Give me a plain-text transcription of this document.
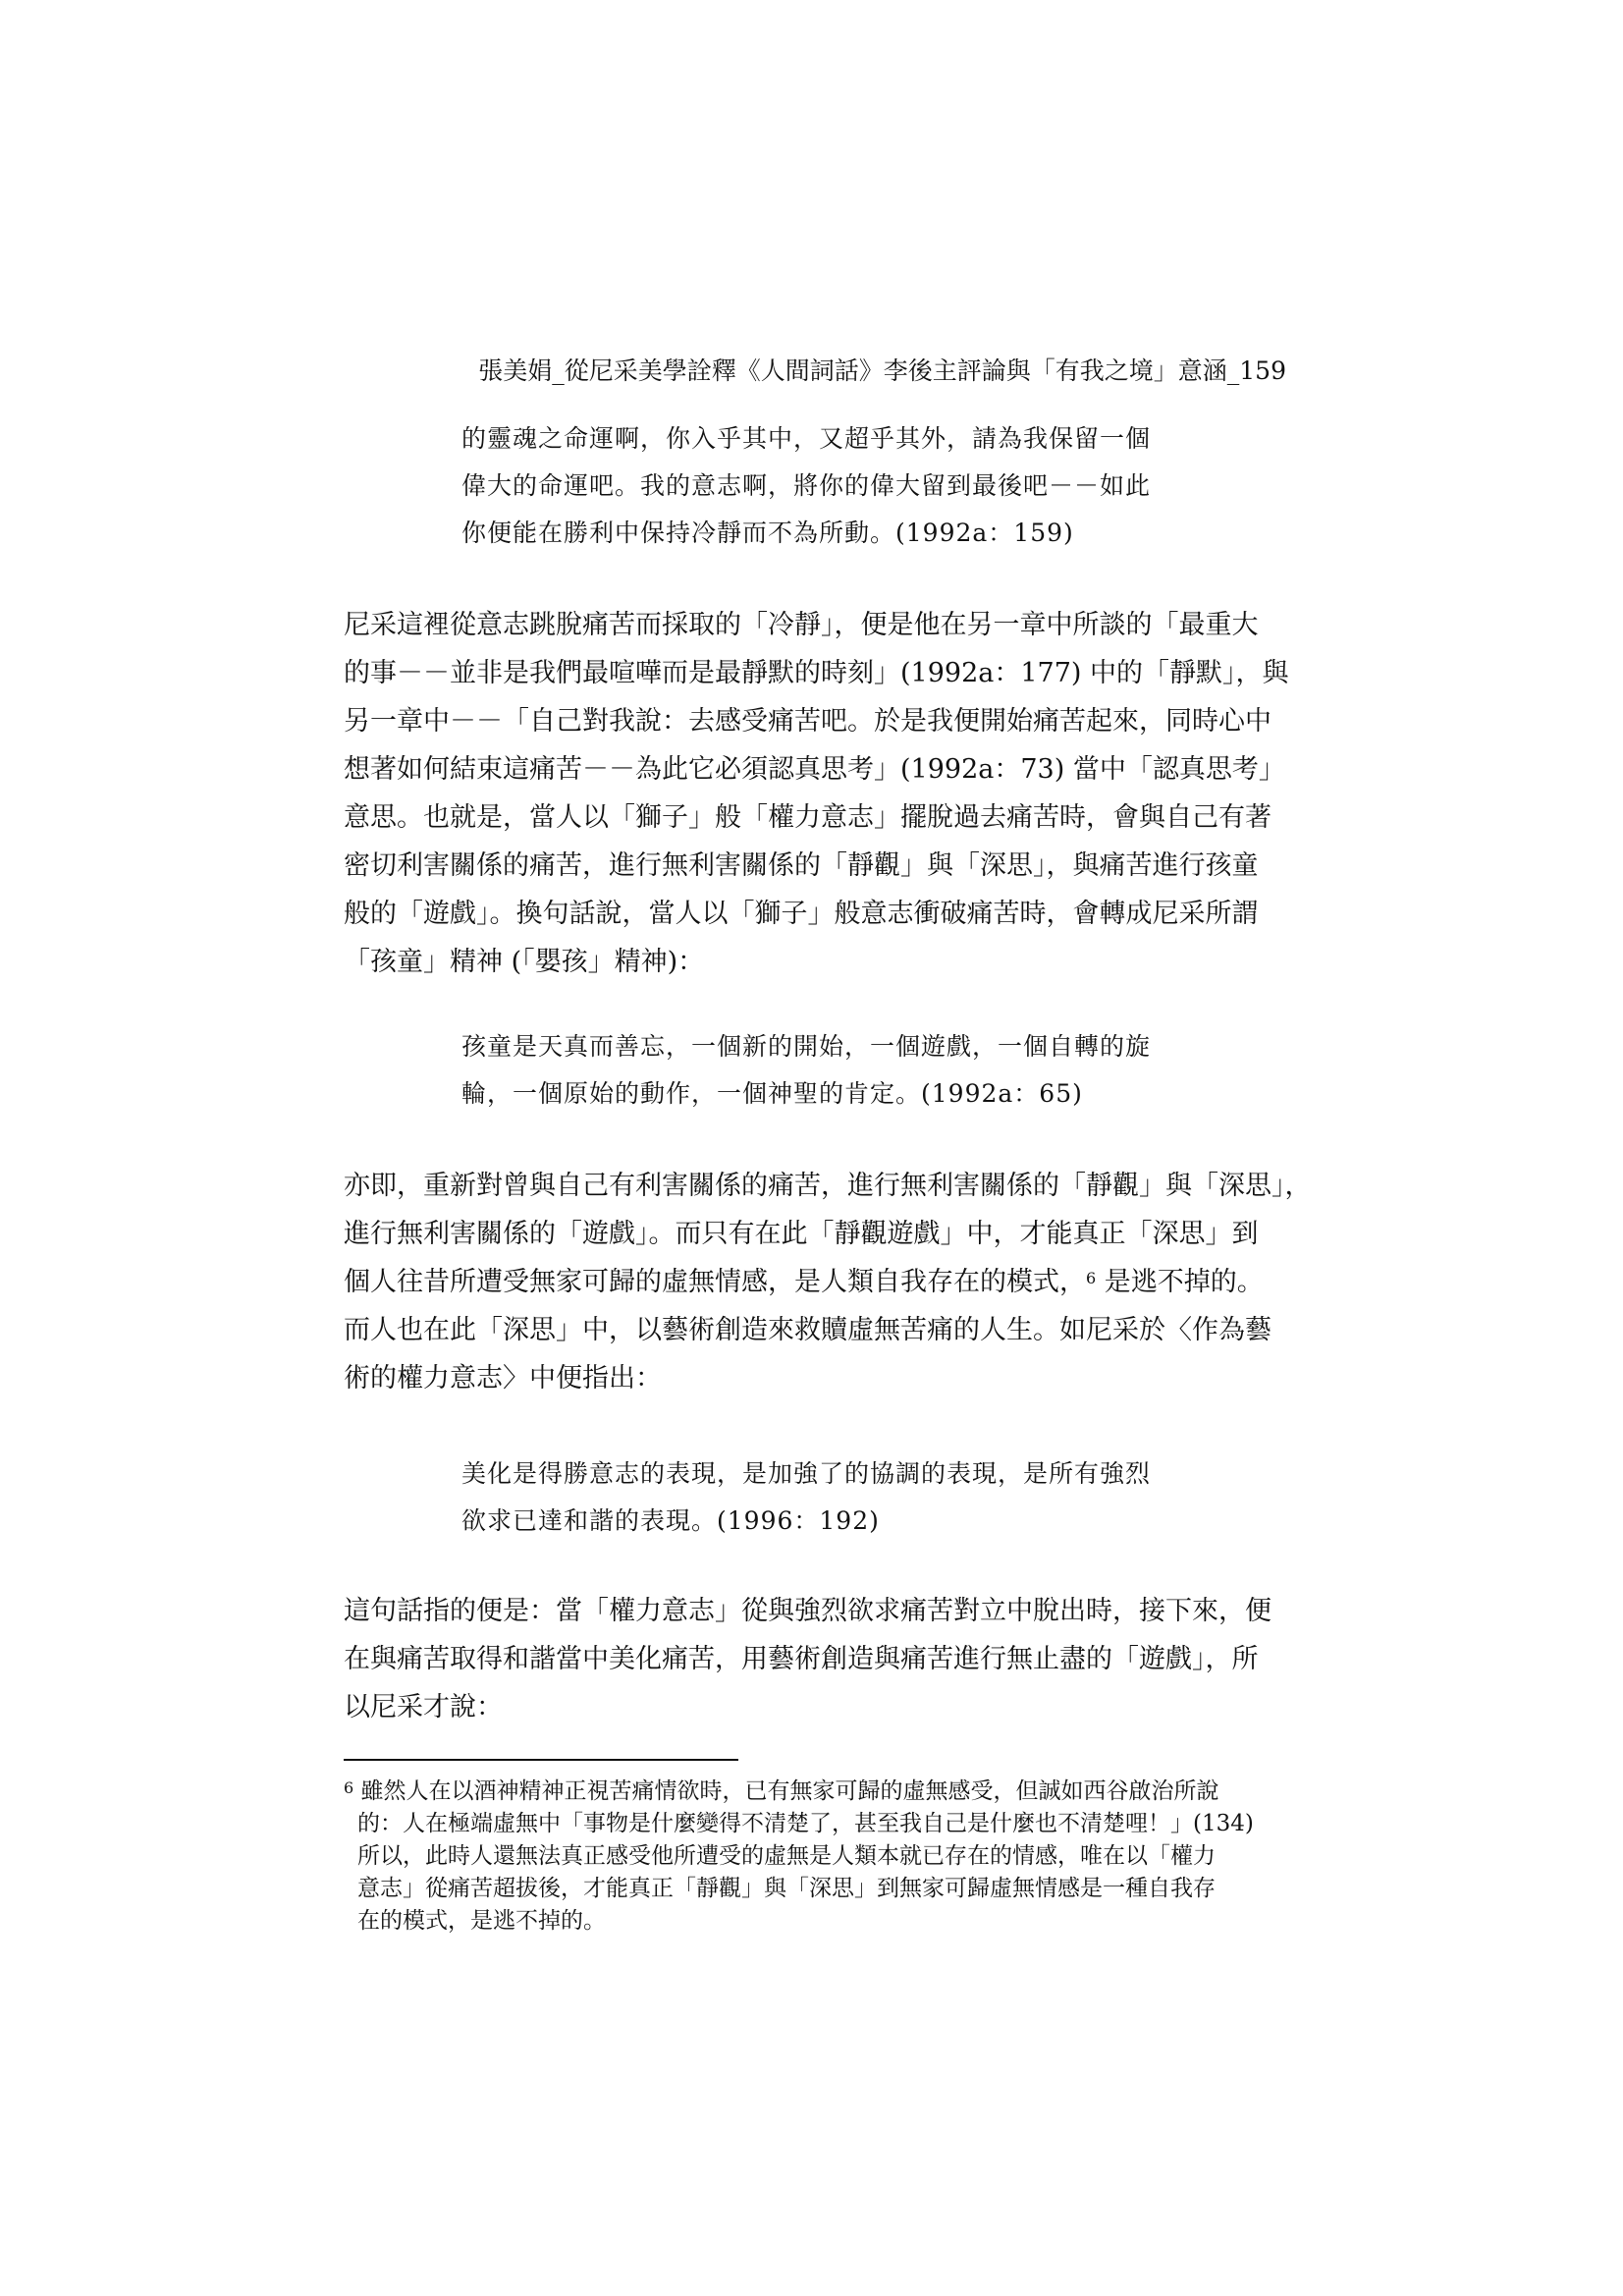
張美娟_從尼采美學詮釋《人間詞話》李後主評論與「有我之境」意涵_159

的靈魂之命運啊，你入乎其中，又超乎其外，請為我保留一個

偉大的命運吧。我的意志啊，將你的偉大留到最後吧－－如此

你便能在勝利中保持冷靜而不為所動。(1992a：159)

尼采這裡從意志跳脫痛苦而採取的「冷靜」，便是他在另一章中所談的「最重大

的事－－並非是我們最喧嘩而是最靜默的時刻」(1992a：177) 中的「靜默」，與

另一章中－－「自己對我說：去感受痛苦吧。於是我便開始痛苦起來，同時心中

想著如何結束這痛苦－－為此它必須認真思考」(1992a：73) 當中「認真思考」

意思。也就是，當人以「獅子」般「權力意志」擺脫過去痛苦時，會與自己有著

密切利害關係的痛苦，進行無利害關係的「靜觀」與「深思」，與痛苦進行孩童

般的「遊戲」。換句話說，當人以「獅子」般意志衝破痛苦時，會轉成尼采所謂

「孩童」精神 (「嬰孩」精神)：

孩童是天真而善忘，一個新的開始，一個遊戲，一個自轉的旋

輪，一個原始的動作，一個神聖的肯定。(1992a：65)

亦即，重新對曾與自己有利害關係的痛苦，進行無利害關係的「靜觀」與「深思」，

進行無利害關係的「遊戲」。而只有在此「靜觀遊戲」中，才能真正「深思」到

個人往昔所遭受無家可歸的虛無情感，是人類自我存在的模式，$^6$ 是逃不掉的。

而人也在此「深思」中，以藝術創造來救贖虛無苦痛的人生。如尼采於〈作為藝

術的權力意志〉中便指出：

美化是得勝意志的表現，是加強了的協調的表現，是所有強烈

欲求已達和諧的表現。(1996：192)

這句話指的便是：當「權力意志」從與強烈欲求痛苦對立中脫出時，接下來，便

在與痛苦取得和諧當中美化痛苦，用藝術創造與痛苦進行無止盡的「遊戲」，所

以尼采才說：

$^6$ 雖然人在以酒神精神正視苦痛情欲時，已有無家可歸的虛無感受，但誠如西谷啟治所說

的：人在極端虛無中「事物是什麼變得不清楚了，甚至我自己是什麼也不清楚哩！」(134)

所以，此時人還無法真正感受他所遭受的虛無是人類本就已存在的情感，唯在以「權力

意志」從痛苦超拔後，才能真正「靜觀」與「深思」到無家可歸虛無情感是一種自我存

在的模式，是逃不掉的。
